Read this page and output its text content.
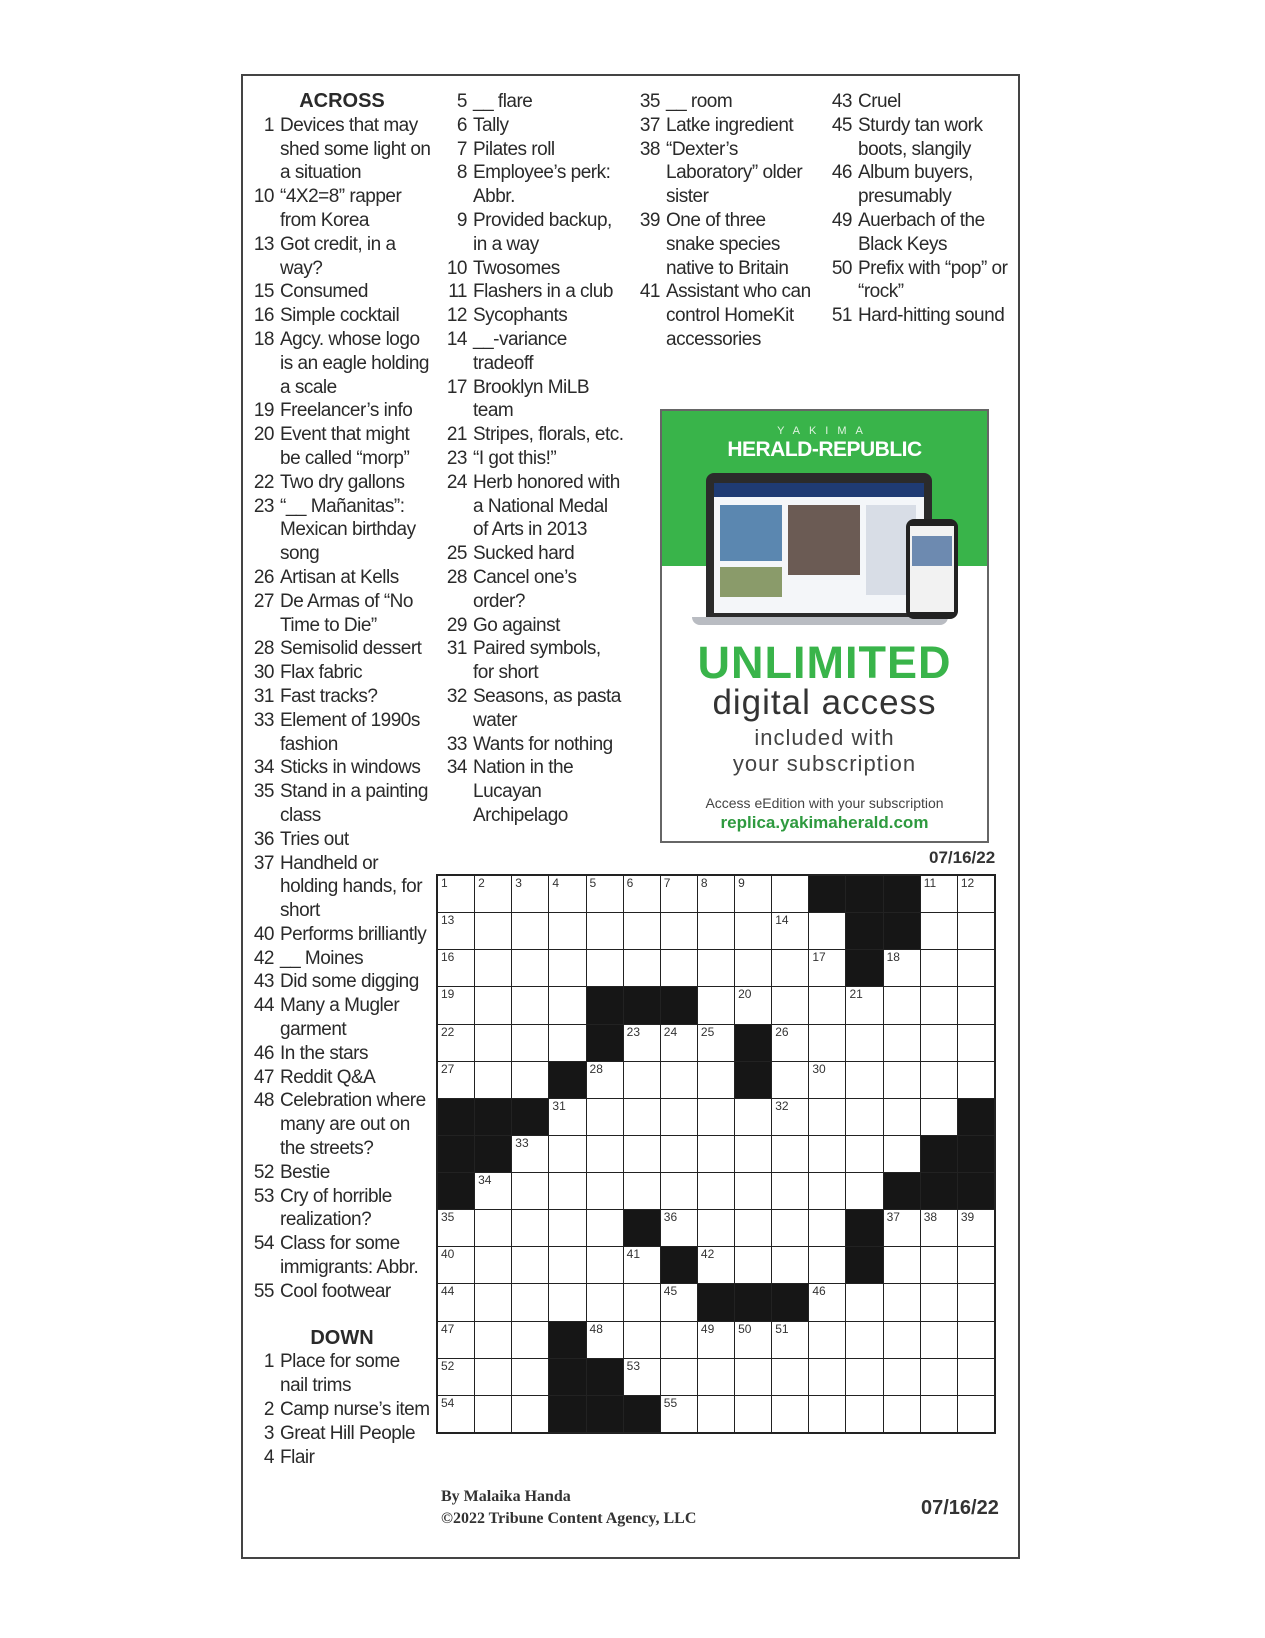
ACROSS
1 Devices that may shed some light on a situation
10 “4X2=8” rapper from Korea
13 Got credit, in a way?
15 Consumed
16 Simple cocktail
18 Agcy. whose logo is an eagle holding a scale
19 Freelancer’s info
20 Event that might be called “morp”
22 Two dry gallons
23 “__ Mañanitas”: Mexican birthday song
26 Artisan at Kells
27 De Armas of “No Time to Die”
28 Semisolid dessert
30 Flax fabric
31 Fast tracks?
33 Element of 1990s fashion
34 Sticks in windows
35 Stand in a painting class
36 Tries out
37 Handheld or holding hands, for short
40 Performs brilliantly
42 __ Moines
43 Did some digging
44 Many a Mugler garment
46 In the stars
47 Reddit Q&A
48 Celebration where many are out on the streets?
52 Bestie
53 Cry of horrible realization?
54 Class for some immigrants: Abbr.
55 Cool footwear
DOWN
1 Place for some nail trims
2 Camp nurse’s item
3 Great Hill People
4 Flair
5 __ flare
6 Tally
7 Pilates roll
8 Employee’s perk: Abbr.
9 Provided backup, in a way
10 Twosomes
11 Flashers in a club
12 Sycophants
14 __-variance tradeoff
17 Brooklyn MiLB team
21 Stripes, florals, etc.
23 “I got this!”
24 Herb honored with a National Medal of Arts in 2013
25 Sucked hard
28 Cancel one’s order?
29 Go against
31 Paired symbols, for short
32 Seasons, as pasta water
33 Wants for nothing
34 Nation in the Lucayan Archipelago
35 __ room
37 Latke ingredient
38 “Dexter’s Laboratory” older sister
39 One of three snake species native to Britain
41 Assistant who can control HomeKit accessories
43 Cruel
45 Sturdy tan work boots, slangily
46 Album buyers, presumably
49 Auerbach of the Black Keys
50 Prefix with “pop” or “rock”
51 Hard-hitting sound
YAKIMA
HERALD-REPUBLIC
UNLIMITED
digital access
included with
your subscription
Access eEdition with your subscription
replica.yakimaherald.com
07/16/22
1	2	3	4	5	6	7	8	9	11 12
13	14
16	17	18
19	20	21
22	23 24 25	26
27	28	30
31	32
33
34
35	36	37 38 39
40	41	42
44	45	46
47	48	49 50 51
52	53
54	55
By Malaika Handa
©2022 Tribune Content Agency, LLC	07/16/22
